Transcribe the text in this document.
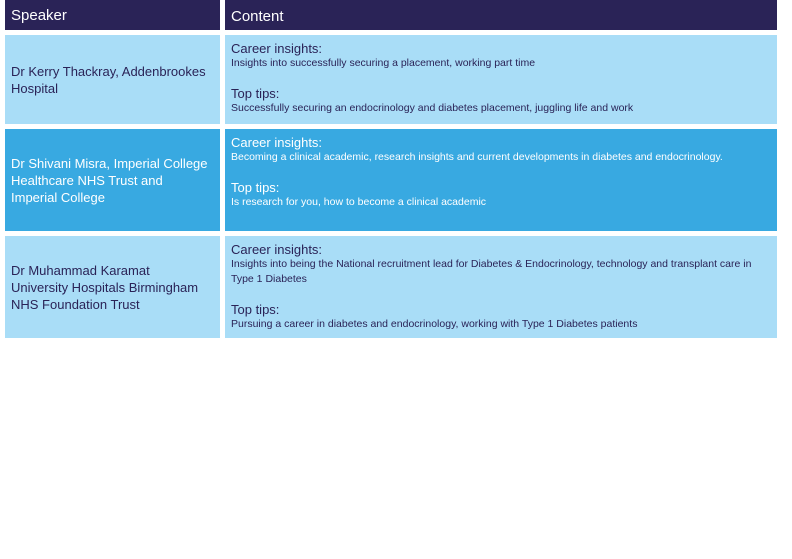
Speaker	Content
Dr Kerry Thackray, Addenbrookes
Hospital
Career insights:
Insights into successfully securing a placement, working part time
Top tips:
Successfully securing an endocrinology and diabetes placement, juggling life and work
Dr Shivani Misra, Imperial College
Healthcare NHS Trust and
Imperial College
Career insights:
Becoming a clinical academic, research insights and current developments in diabetes and endocrinology.
Top tips:
Is research for you, how to become a clinical academic
Dr Muhammad Karamat
University Hospitals Birmingham
NHS Foundation Trust
Career insights:
Insights into being the National recruitment lead for Diabetes & Endocrinology, technology and transplant care in Type 1 Diabetes
Top tips:
Pursuing a career in diabetes and endocrinology, working with Type 1 Diabetes patients
